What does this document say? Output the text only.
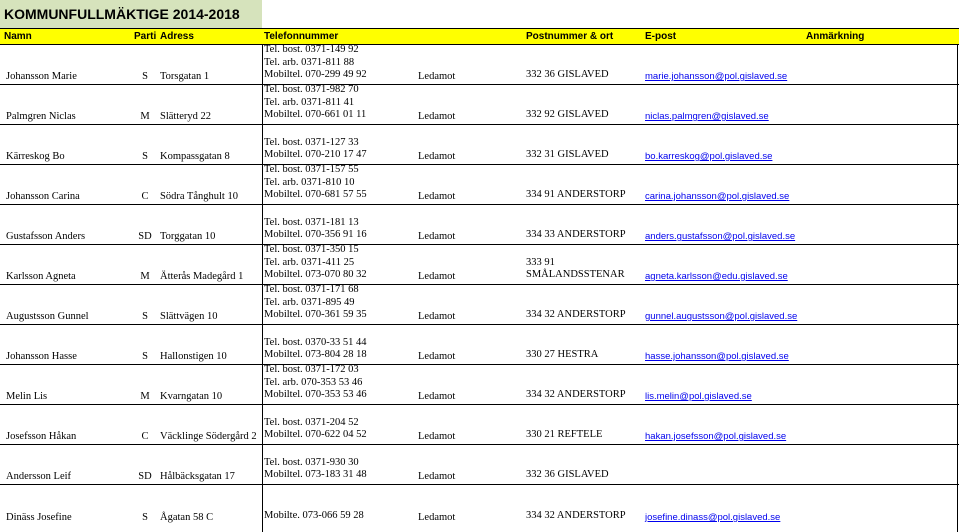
KOMMUNFULLMÄKTIGE 2014-2018
Namn	Parti Adress	Telefonnummer	Postnummer & ort	E-post	Anmärkning
Johansson Marie	S	Torsgatan 1
Tel. bost. 0371-149 92
Tel. arb. 0371-811 88
Mobiltel. 070-299 49 92	Ledamot	332 36 GISLAVED	marie.johansson@pol.gislaved.se
Palmgren Niclas	M Slätteryd 22
Tel. bost. 0371-982 70
Tel. arb. 0371-811 41
Mobiltel. 070-661 01 11	Ledamot	332 92 GISLAVED	niclas.palmgren@gislaved.se
Kärreskog Bo	S	Kompassgatan 8
Tel. bost. 0371-127 33
Mobiltel. 070-210 17 47	Ledamot	332 31 GISLAVED	bo.karreskog@pol.gislaved.se
Johansson Carina	C	Södra Tånghult 10
Tel. bost. 0371-157 55
Tel. arb. 0371-810 10
Mobiltel. 070-681 57 55	Ledamot	334 91 ANDERSTORP carina.johansson@pol.gislaved.se
Gustafsson Anders	SD Torggatan 10
Tel. bost. 0371-181 13
Mobiltel. 070-356 91 16	Ledamot	334 33 ANDERSTORP anders.gustafsson@pol.gislaved.se
Karlsson Agneta	M Ätterås Madegård 1
Tel. bost. 0371-350 15
Tel. arb. 0371-411 25
Mobiltel. 073-070 80 32	Ledamot
333 91
SMÅLANDSSTENAR agneta.karlsson@edu.gislaved.se
Augustsson Gunnel	S	Slättvägen 10
Tel. bost. 0371-171 68
Tel. arb. 0371-895 49
Mobiltel. 070-361 59 35	Ledamot	334 32 ANDERSTORP gunnel.augustsson@pol.gislaved.se
Johansson Hasse	S	Hallonstigen 10
Tel. bost. 0370-33 51 44
Mobiltel. 073-804 28 18	Ledamot	330 27 HESTRA	hasse.johansson@pol.gislaved.se
Melin Lis	M Kvarngatan 10
Tel. bost. 0371-172 03
Tel. arb. 070-353 53 46
Mobiltel. 070-353 53 46	Ledamot	334 32 ANDERSTORP lis.melin@pol.gislaved.se
Josefsson Håkan	C	Väcklinge Södergård 2
Tel. bost. 0371-204 52
Mobiltel. 070-622 04 52	Ledamot	330 21 REFTELE	hakan.josefsson@pol.gislaved.se
Andersson Leif	SD Hålbäcksgatan 17
Tel. bost. 0371-930 30
Mobiltel. 073-183 31 48	Ledamot	332 36 GISLAVED
Dinäss Josefine	S	Ågatan 58 C	Mobilte. 073-066 59 28	Ledamot	334 32 ANDERSTORP josefine.dinass@pol.gislaved.se
